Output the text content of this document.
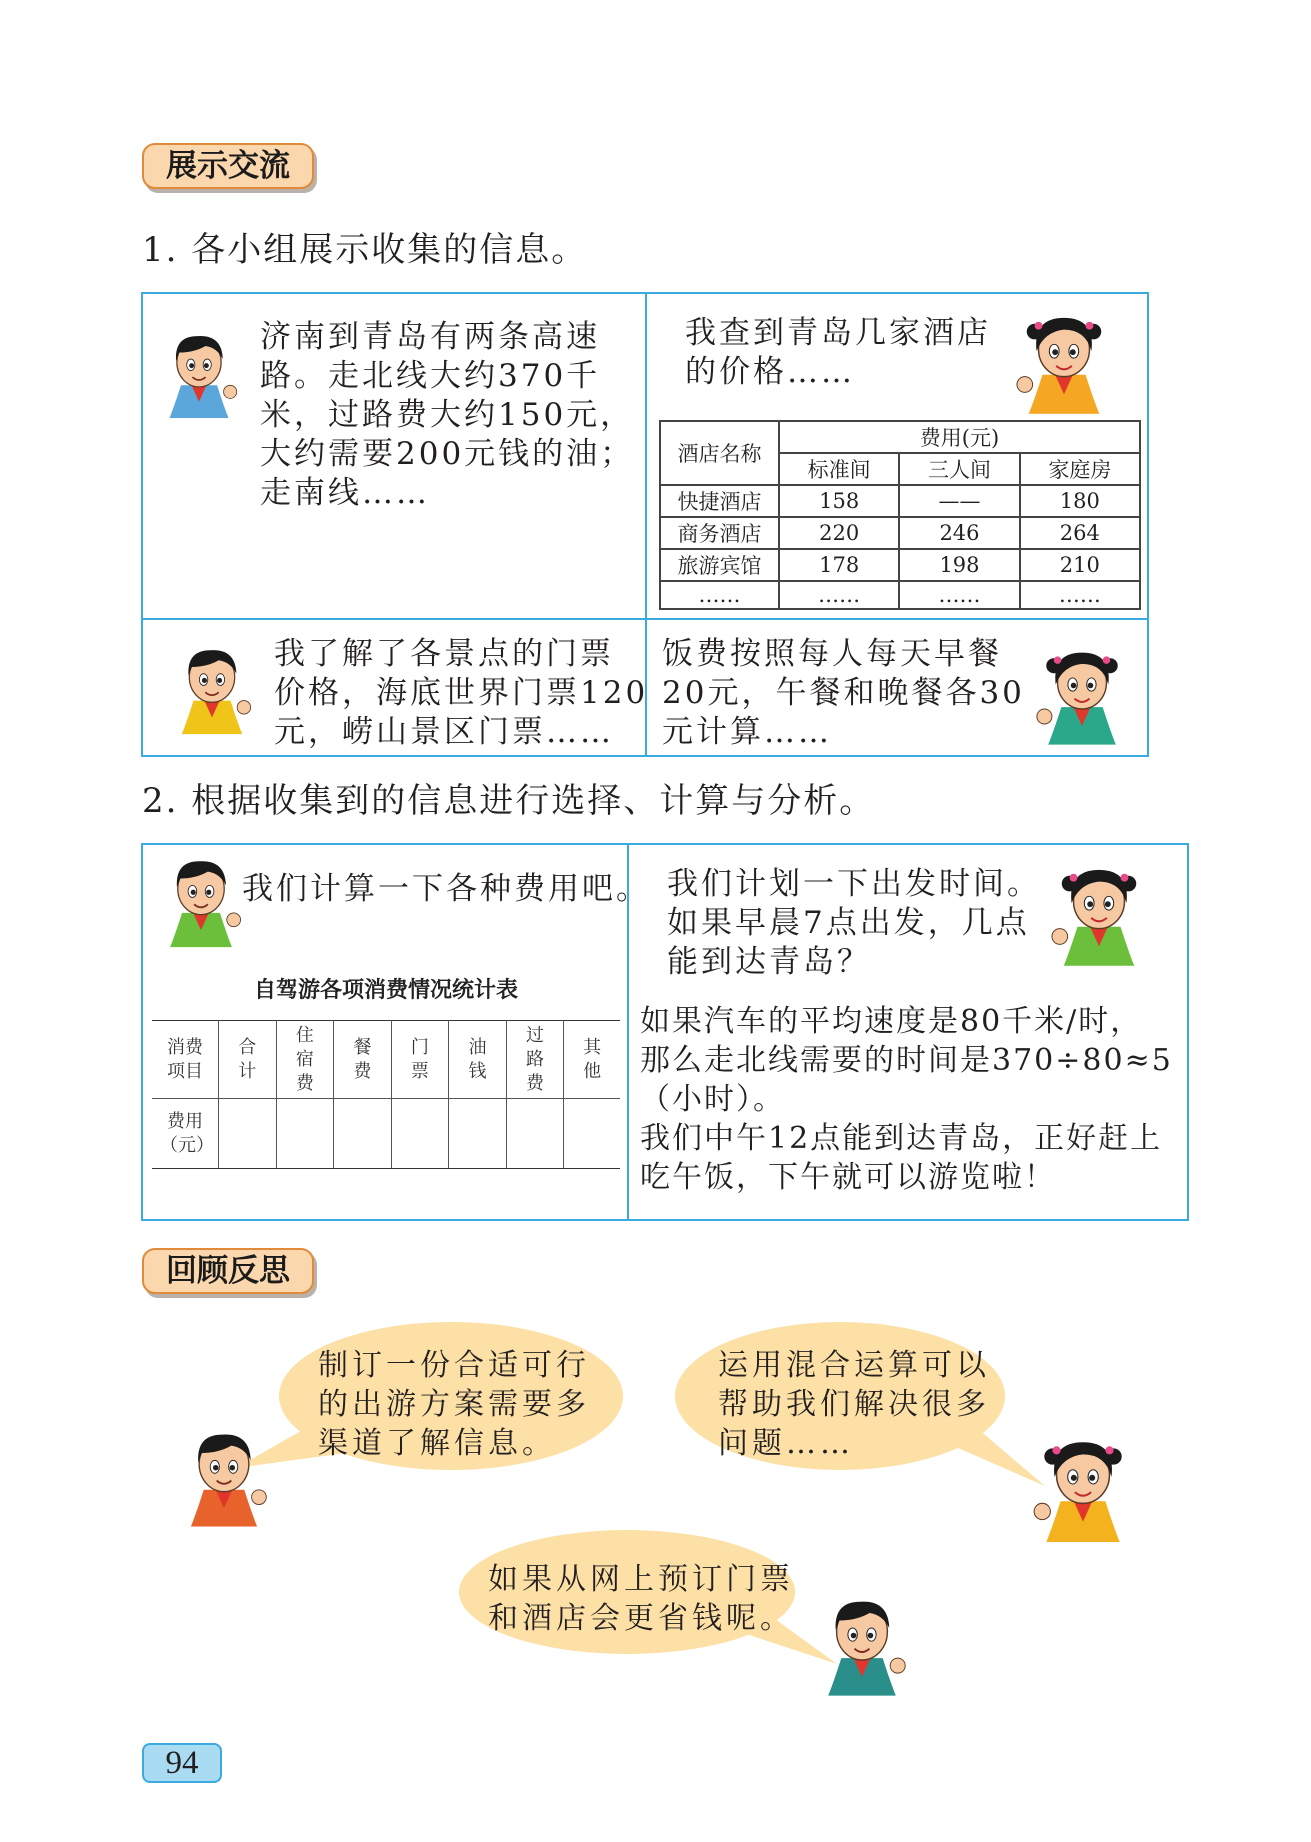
展示交流
1. 各小组展示收集的信息。
济南到青岛有两条高速
路。走北线大约370千
米，过路费大约150元，
大约需要200元钱的油；
走南线……
我查到青岛几家酒店
的价格……
酒店名称	费用(元)		
	标准间	三人间	家庭房
快捷酒店	158	——	180
商务酒店	220	246	264
旅游宾馆	178	198	210
……	……	……	……
我了解了各景点的门票
价格，海底世界门票120
元，崂山景区门票……
饭费按照每人每天早餐
20元，午餐和晚餐各30
元计算……
2. 根据收集到的信息进行选择、计算与分析。
我们计算一下各种费用吧。
自驾游各项消费情况统计表
消费项目	合计	住宿费	餐费	门票	油钱	过路费	其他
费用（元）							
我们计划一下出发时间。
如果早晨7点出发，几点
能到达青岛？
如果汽车的平均速度是80千米/时，
那么走北线需要的时间是370÷80≈5
（小时）。
我们中午12点能到达青岛，正好赶上
吃午饭，下午就可以游览啦！
回顾反思
制订一份合适可行
的出游方案需要多
渠道了解信息。
运用混合运算可以
帮助我们解决很多
问题……
如果从网上预订门票
和酒店会更省钱呢。
94
